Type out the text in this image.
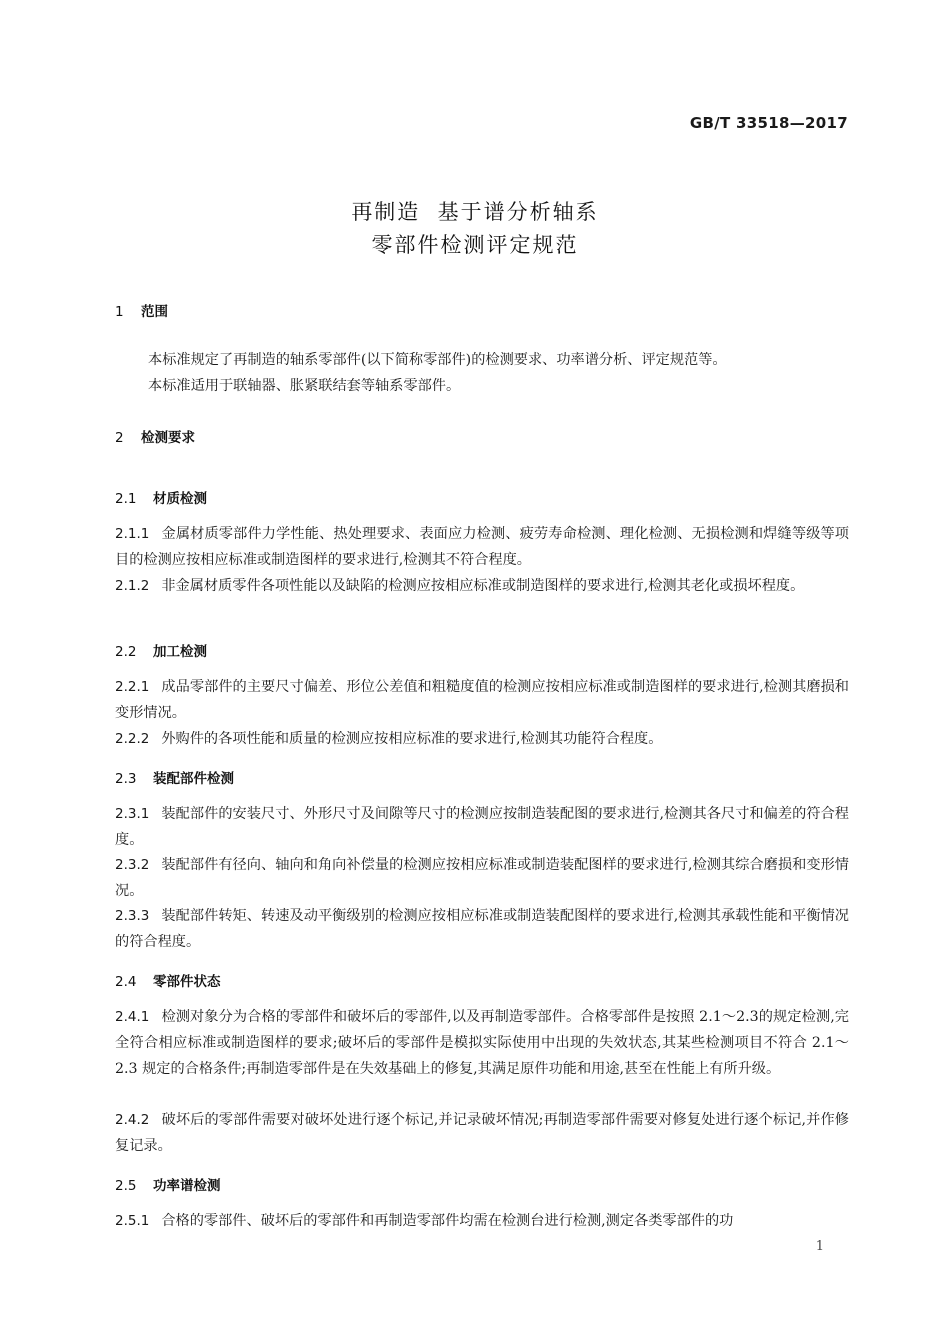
GB/T 33518—2017
再制造  基于谱分析轴系
零部件检测评定规范
1 范围
本标准规定了再制造的轴系零部件(以下简称零部件)的检测要求、功率谱分析、评定规范等。
本标准适用于联轴器、胀紧联结套等轴系零部件。
2 检测要求
2.1 材质检测
2.1.1 金属材质零部件力学性能、热处理要求、表面应力检测、疲劳寿命检测、理化检测、无损检测和焊缝等级等项目的检测应按相应标准或制造图样的要求进行,检测其不符合程度。
2.1.2 非金属材质零件各项性能以及缺陷的检测应按相应标准或制造图样的要求进行,检测其老化或损坏程度。
2.2 加工检测
2.2.1 成品零部件的主要尺寸偏差、形位公差值和粗糙度值的检测应按相应标准或制造图样的要求进行,检测其磨损和变形情况。
2.2.2 外购件的各项性能和质量的检测应按相应标准的要求进行,检测其功能符合程度。
2.3 装配部件检测
2.3.1 装配部件的安装尺寸、外形尺寸及间隙等尺寸的检测应按制造装配图的要求进行,检测其各尺寸和偏差的符合程度。
2.3.2 装配部件有径向、轴向和角向补偿量的检测应按相应标准或制造装配图样的要求进行,检测其综合磨损和变形情况。
2.3.3 装配部件转矩、转速及动平衡级别的检测应按相应标准或制造装配图样的要求进行,检测其承载性能和平衡情况的符合程度。
2.4 零部件状态
2.4.1 检测对象分为合格的零部件和破坏后的零部件,以及再制造零部件。合格零部件是按照 2.1～2.3的规定检测,完全符合相应标准或制造图样的要求;破坏后的零部件是模拟实际使用中出现的失效状态,其某些检测项目不符合 2.1～2.3 规定的合格条件;再制造零部件是在失效基础上的修复,其满足原件功能和用途,甚至在性能上有所升级。
2.4.2 破坏后的零部件需要对破坏处进行逐个标记,并记录破坏情况;再制造零部件需要对修复处进行逐个标记,并作修复记录。
2.5 功率谱检测
2.5.1 合格的零部件、破坏后的零部件和再制造零部件均需在检测台进行检测,测定各类零部件的功
1
